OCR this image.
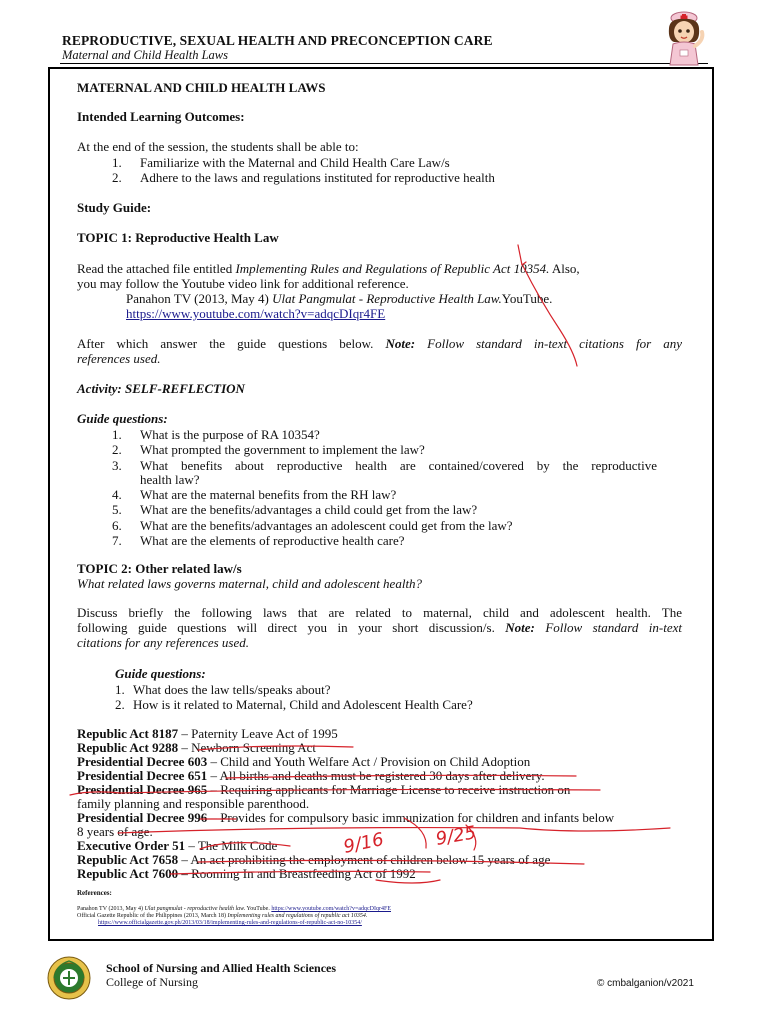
REPRODUCTIVE, SEXUAL HEALTH AND PRECONCEPTION CARE
Maternal and Child Health Laws
MATERNAL AND CHILD HEALTH LAWS
Intended Learning Outcomes:
At the end of the session, the students shall be able to:
1. Familiarize with the Maternal and Child Health Care Law/s
2. Adhere to the laws and regulations instituted for reproductive health
Study Guide:
TOPIC 1: Reproductive Health Law
Read the attached file entitled Implementing Rules and Regulations of Republic Act 10354. Also,
you may follow the Youtube video link for additional reference.
Panahon TV (2013, May 4) Ulat Pangmulat - Reproductive Health Law.YouTube.
https://www.youtube.com/watch?v=adqcDIqr4FE
After which answer the guide questions below. Note: Follow standard in-text citations for any
references used.
Activity: SELF-REFLECTION
Guide questions:
1. What is the purpose of RA 10354?
2. What prompted the government to implement the law?
3. What benefits about reproductive health are contained/covered by the reproductive
health law?
4. What are the maternal benefits from the RH law?
5. What are the benefits/advantages a child could get from the law?
6. What are the benefits/advantages an adolescent could get from the law?
7. What are the elements of reproductive health care?
TOPIC 2: Other related law/s
What related laws governs maternal, child and adolescent health?
Discuss briefly the following laws that are related to maternal, child and adolescent health. The
following guide questions will direct you in your short discussion/s. Note: Follow standard in-text
citations for any references used.
Guide questions:
1. What does the law tells/speaks about?
2. How is it related to Maternal, Child and Adolescent Health Care?
Republic Act 8187 – Paternity Leave Act of 1995
Republic Act 9288 – Newborn Screening Act
Presidential Decree 603 – Child and Youth Welfare Act / Provision on Child Adoption
Presidential Decree 651 – All births and deaths must be registered 30 days after delivery.
Presidential Decree 965 – Requiring applicants for Marriage License to receive instruction on
family planning and responsible parenthood.
Presidential Decree 996 – Provides for compulsory basic immunization for children and infants below
8 years of age.
Executive Order 51 – The Milk Code
Republic Act 7658 – An act prohibiting the employment of children below 15 years of age
Republic Act 7600 – Rooming In and Breastfeeding Act of 1992
References:
Panahon TV (2013, May 4) Ulat pangmulat - reproductive health law. YouTube. https://www.youtube.com/watch?v=adqcDIqr4FE
Official Gazette Republic of the Philippines (2013, March 18) Implementing rules and regulations of republic act 10354.
https://www.officialgazette.gov.ph/2013/03/18/implementing-rules-and-regulations-of-republic-act-no-10354/
9/16	9/25
School of Nursing and Allied Health Sciences
College of Nursing	© cmbalganion/v2021
